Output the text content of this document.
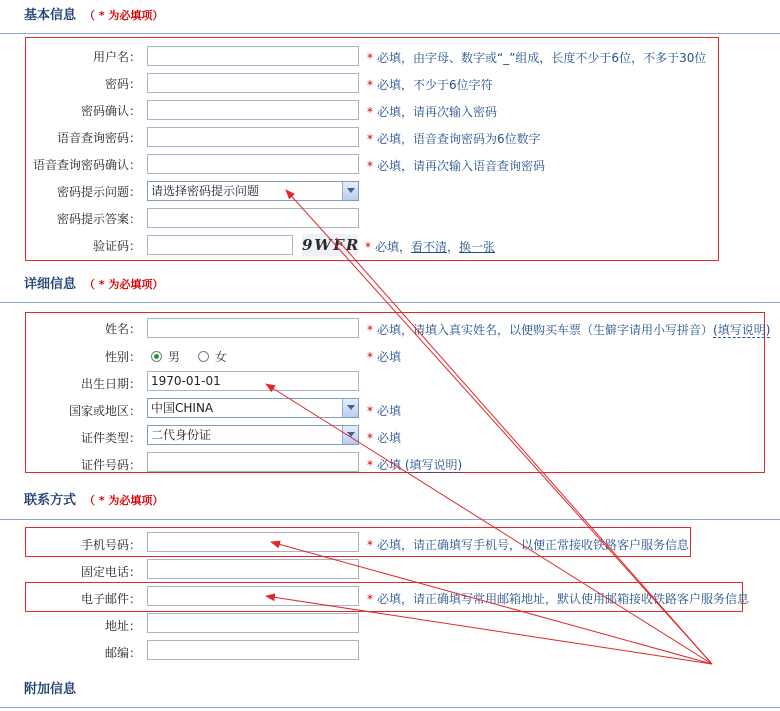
基本信息 （ * 为必填项）
用户名：	* 必填，由字母、数字或“_”组成，长度不少于6位，不多于30位
密码：	* 必填，不少于6位字符
密码确认：	* 必填，请再次输入密码
语音查询密码：	* 必填，语音查询密码为6位数字
语音查询密码确认：	* 必填，请再次输入语音查询密码
密码提示问题： 请选择密码提示问题
密码提示答案：
验证码：	9WFR * 必填，看不清，换一张
详细信息 （ * 为必填项）
姓名：	* 必填，请填入真实姓名，以便购买车票（生僻字请用小写拼音）(填写说明)
性别：	男	女	* 必填
出生日期： 1970-01-01
国家或地区： 中国CHINA	* 必填
证件类型： 二代身份证	* 必填
证件号码：	* 必填 (填写说明)
联系方式 （ * 为必填项）
手机号码：	* 必填，请正确填写手机号，以便正常接收铁路客户服务信息
固定电话：
电子邮件：	* 必填，请正确填写常用邮箱地址，默认使用邮箱接收铁路客户服务信息
地址：
邮编：
附加信息
